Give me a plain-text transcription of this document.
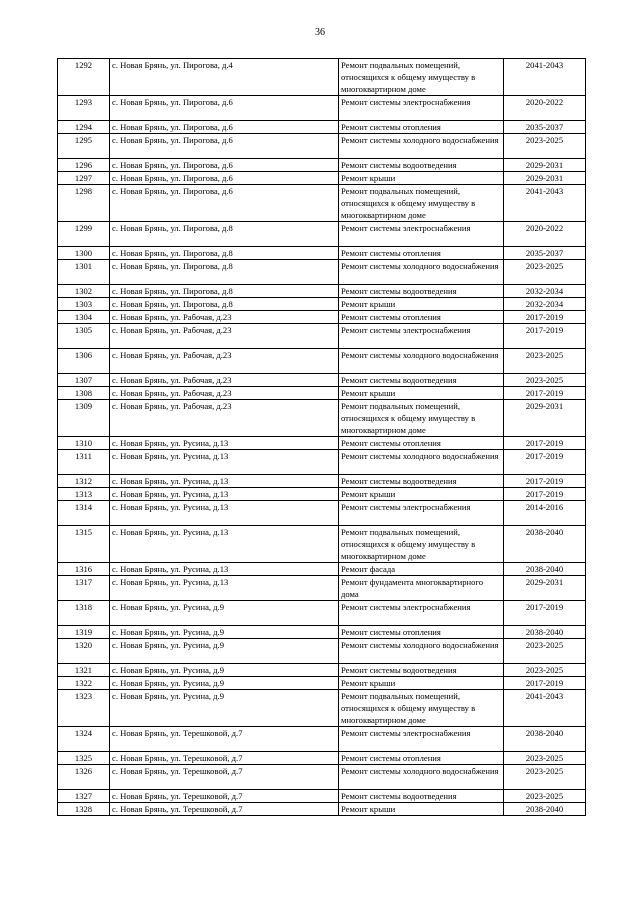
36
1292	с. Новая Брянь, ул. Пирогова, д.4	Ремонт подвальных помещений, относящихся к общему имуществу в многоквартирном доме	2041-2043
1293	с. Новая Брянь, ул. Пирогова, д.6	Ремонт системы электроснабжения	2020-2022
1294	с. Новая Брянь, ул. Пирогова, д.6	Ремонт системы отопления	2035-2037
1295	с. Новая Брянь, ул. Пирогова, д.6	Ремонт системы холодного водоснабжения	2023-2025
1296	с. Новая Брянь, ул. Пирогова, д.6	Ремонт системы водоотведения	2029-2031
1297	с. Новая Брянь, ул. Пирогова, д.6	Ремонт крыши	2029-2031
1298	с. Новая Брянь, ул. Пирогова, д.6	Ремонт подвальных помещений, относящихся к общему имуществу в многоквартирном доме	2041-2043
1299	с. Новая Брянь, ул. Пирогова, д.8	Ремонт системы электроснабжения	2020-2022
1300	с. Новая Брянь, ул. Пирогова, д.8	Ремонт системы отопления	2035-2037
1301	с. Новая Брянь, ул. Пирогова, д.8	Ремонт системы холодного водоснабжения	2023-2025
1302	с. Новая Брянь, ул. Пирогова, д.8	Ремонт системы водоотведения	2032-2034
1303	с. Новая Брянь, ул. Пирогова, д.8	Ремонт крыши	2032-2034
1304	с. Новая Брянь, ул. Рабочая, д.23	Ремонт системы отопления	2017-2019
1305	с. Новая Брянь, ул. Рабочая, д.23	Ремонт системы электроснабжения	2017-2019
1306	с. Новая Брянь, ул. Рабочая, д.23	Ремонт системы холодного водоснабжения	2023-2025
1307	с. Новая Брянь, ул. Рабочая, д.23	Ремонт системы водоотведения	2023-2025
1308	с. Новая Брянь, ул. Рабочая, д.23	Ремонт крыши	2017-2019
1309	с. Новая Брянь, ул. Рабочая, д.23	Ремонт подвальных помещений, относящихся к общему имуществу в многоквартирном доме	2029-2031
1310	с. Новая Брянь, ул. Русина, д.13	Ремонт системы отопления	2017-2019
1311	с. Новая Брянь, ул. Русина, д.13	Ремонт системы холодного водоснабжения	2017-2019
1312	с. Новая Брянь, ул. Русина, д.13	Ремонт системы водоотведения	2017-2019
1313	с. Новая Брянь, ул. Русина, д.13	Ремонт крыши	2017-2019
1314	с. Новая Брянь, ул. Русина, д.13	Ремонт системы электроснабжения	2014-2016
1315	с. Новая Брянь, ул. Русина, д.13	Ремонт подвальных помещений, относящихся к общему имуществу в многоквартирном доме	2038-2040
1316	с. Новая Брянь, ул. Русина, д.13	Ремонт фасада	2038-2040
1317	с. Новая Брянь, ул. Русина, д.13	Ремонт фундамента многоквартирного дома	2029-2031
1318	с. Новая Брянь, ул. Русина, д.9	Ремонт системы электроснабжения	2017-2019
1319	с. Новая Брянь, ул. Русина, д.9	Ремонт системы отопления	2038-2040
1320	с. Новая Брянь, ул. Русина, д.9	Ремонт системы холодного водоснабжения	2023-2025
1321	с. Новая Брянь, ул. Русина, д.9	Ремонт системы водоотведения	2023-2025
1322	с. Новая Брянь, ул. Русина, д.9	Ремонт крыши	2017-2019
1323	с. Новая Брянь, ул. Русина, д.9	Ремонт подвальных помещений, относящихся к общему имуществу в многоквартирном доме	2041-2043
1324	с. Новая Брянь, ул. Терешковой, д.7	Ремонт системы электроснабжения	2038-2040
1325	с. Новая Брянь, ул. Терешковой, д.7	Ремонт системы отопления	2023-2025
1326	с. Новая Брянь, ул. Терешковой, д.7	Ремонт системы холодного водоснабжения	2023-2025
1327	с. Новая Брянь, ул. Терешковой, д.7	Ремонт системы водоотведения	2023-2025
1328	с. Новая Брянь, ул. Терешковой, д.7	Ремонт крыши	2038-2040
